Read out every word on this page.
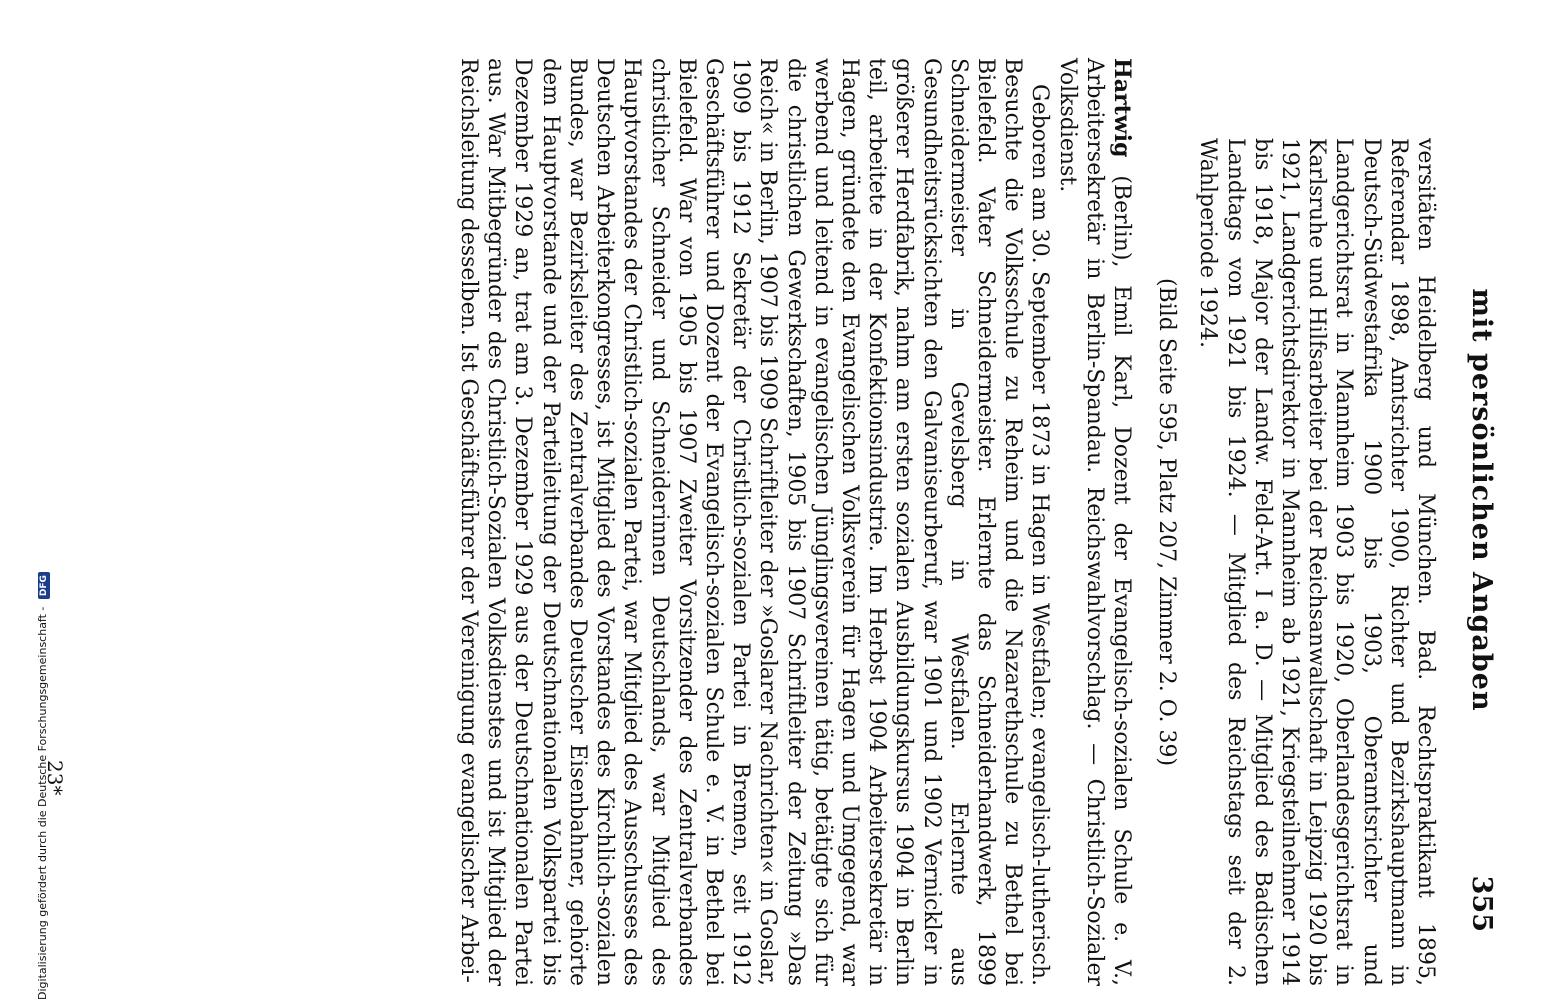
mit persönlichen Angaben
355

versitäten Heidelberg und München. Bad. Rechtspraktikant 1895, Referendar 1898, Amtsrichter 1900, Richter und Bezirkshauptmann in Deutsch-Südwestafrika 1900 bis 1903, Oberamtsrichter und Landgerichtsrat in Mannheim 1903 bis 1920, Oberlandesgerichtsrat in Karlsruhe und Hilfsarbeiter bei der Reichsanwaltschaft in Leipzig 1920 bis 1921, Landgerichtsdirektor in Mannheim ab 1921, Kriegsteilnehmer 1914 bis 1918, Major der Landw. Feld-Art. I a. D. — Mitglied des Badischen Landtags von 1921 bis 1924. — Mitglied des Reichstags seit der 2. Wahlperiode 1924.

(Bild Seite 595, Platz 207, Zimmer 2. O. 39)

Hartwig (Berlin), Emil Karl, Dozent der Evangelisch-sozialen Schule e. V., Arbeitersekretär in Berlin-Spandau. Reichswahlvorschlag. — Christlich-Sozialer Volksdienst.

Geboren am 30. September 1873 in Hagen in Westfalen; evangelisch-lutherisch. Besuchte die Volksschule zu Reheim und die Nazarethschule zu Bethel bei Bielefeld. Vater Schneidermeister. Erlernte das Schneiderhandwerk, 1899 Schneidermeister in Gevelsberg in Westfalen. Erlernte aus Gesundheitsrücksichten den Galvaniseurberuf, war 1901 und 1902 Vernickler in größerer Herdfabrik, nahm am ersten sozialen Ausbildungskursus 1904 in Berlin teil, arbeitete in der Konfektionsindustrie. Im Herbst 1904 Arbeitersekretär in Hagen, gründete den Evangelischen Volksverein für Hagen und Umgegend, war werbend und leitend in evangelischen Jünglingsvereinen tätig, betätigte sich für die christlichen Gewerkschaften, 1905 bis 1907 Schriftleiter der Zeitung »Das Reich« in Berlin, 1907 bis 1909 Schriftleiter der »Goslarer Nachrichten« in Goslar, 1909 bis 1912 Sekretär der Christlich-sozialen Partei in Bremen, seit 1912 Geschäftsführer und Dozent der Evangelisch-sozialen Schule e. V. in Bethel bei Bielefeld. War von 1905 bis 1907 Zweiter Vorsitzender des Zentralverbandes christlicher Schneider und Schneiderinnen Deutschlands, war Mitglied des Hauptvorstandes der Christlich-sozialen Partei, war Mitglied des Ausschusses des Deutschen Arbeiterkongresses, ist Mitglied des Vorstandes des Kirchlich-sozialen Bundes, war Bezirksleiter des Zentralverbandes Deutscher Eisenbahner, gehörte dem Hauptvorstande und der Parteileitung der Deutschnationalen Volkspartei bis Dezember 1929 an, trat am 3. Dezember 1929 aus der Deutschnationalen Partei aus. War Mitbegründer des Christlich-Sozialen Volksdienstes und ist Mitglied der Reichsleitung desselben. Ist Geschäftsführer der Vereinigung evangelischer Arbei-

23*
Digitalisierung gefördert durch die Deutsche Forschungsgemeinschaft - DFG
